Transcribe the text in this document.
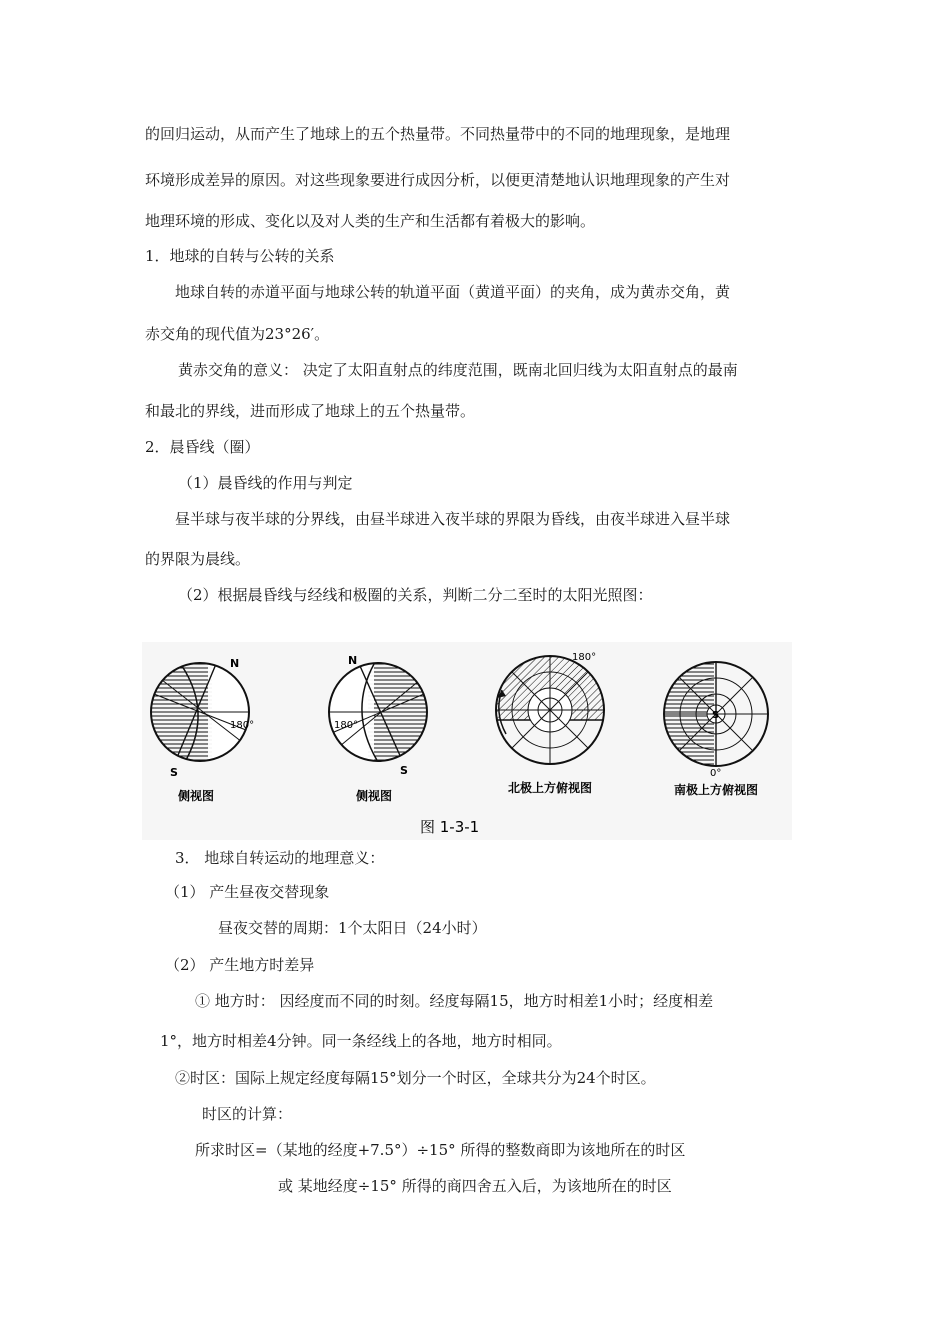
的回归运动，从而产生了地球上的五个热量带。不同热量带中的不同的地理现象，是地理
环境形成差异的原因。对这些现象要进行成因分析，以便更清楚地认识地理现象的产生对
地理环境的形成、变化以及对人类的生产和生活都有着极大的影响。
1．地球的自转与公转的关系
地球自转的赤道平面与地球公转的轨道平面（黄道平面）的夹角，成为黄赤交角，黄
赤交角的现代值为23°26′。
黄赤交角的意义： 决定了太阳直射点的纬度范围，既南北回归线为太阳直射点的最南
和最北的界线，进而形成了地球上的五个热量带。
2．晨昏线（圈）
（1）晨昏线的作用与判定
昼半球与夜半球的分界线，由昼半球进入夜半球的界限为昏线，由夜半球进入昼半球
的界限为晨线。
（2）根据晨昏线与经线和极圈的关系，判断二分二至时的太阳光照图：
N
S
180°
侧视图
N
S
180°
侧视图
180°
北极上方俯视图
S
0°
南极上方俯视图
图 1-3-1
3． 地球自转运动的地理意义：
（1） 产生昼夜交替现象
昼夜交替的周期：1个太阳日（24小时）
（2） 产生地方时差异
① 地方时： 因经度而不同的时刻。经度每隔15，地方时相差1小时；经度相差
1°，地方时相差4分钟。同一条经线上的各地，地方时相同。
②时区：国际上规定经度每隔15°划分一个时区，全球共分为24个时区。
时区的计算：
所求时区=（某地的经度+7.5°）÷15° 所得的整数商即为该地所在的时区
或 某地经度÷15° 所得的商四舍五入后，为该地所在的时区
